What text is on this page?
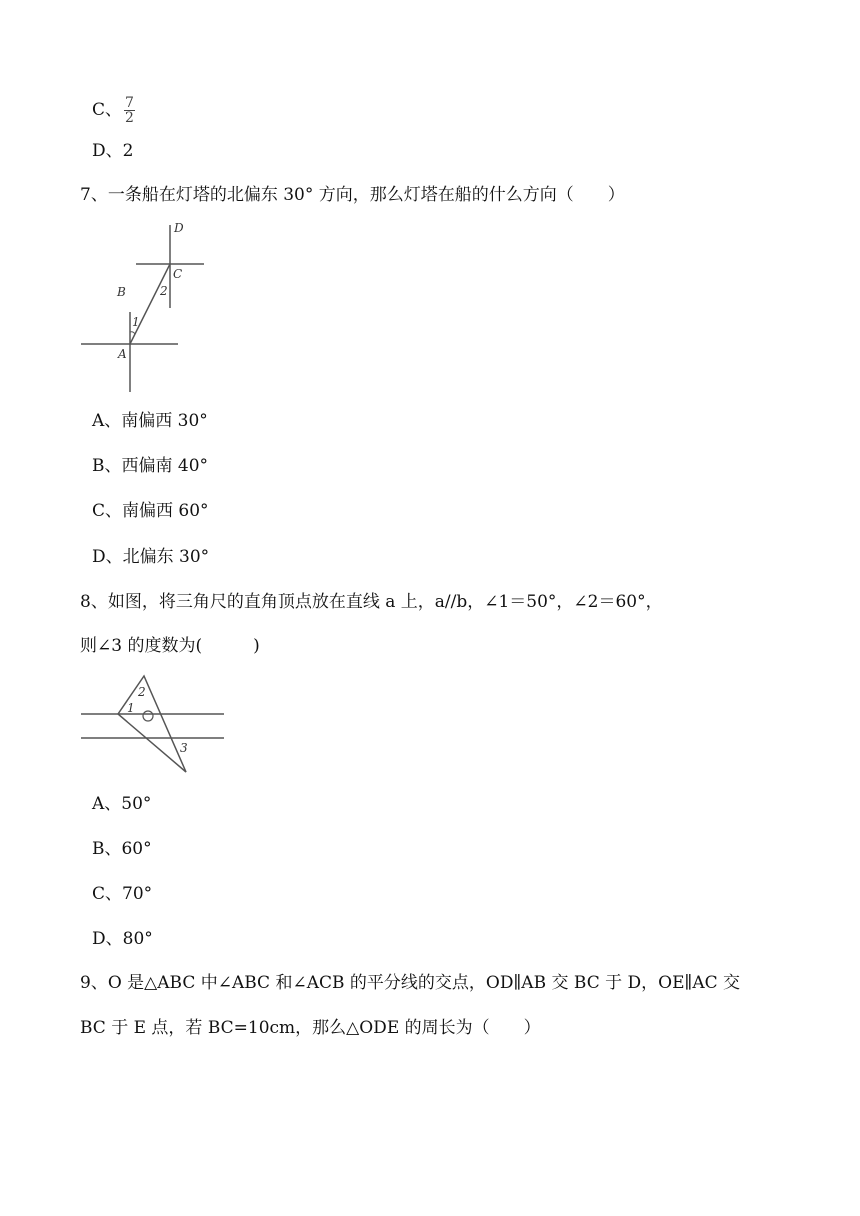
C、 $\frac{7}{2}$
D、2
7、一条船在灯塔的北偏东 30° 方向，那么灯塔在船的什么方向（　　）
D
C
B
A
1
2
A、南偏西 30°
B、西偏南 40°
C、南偏西 60°
D、北偏东 30°
8、如图，将三角尺的直角顶点放在直线 a 上，a//b，∠1＝50°，∠2＝60°，
则∠3 的度数为(　　　)
2
1
3
A、50°
B、60°
C、70°
D、80°
9、O 是△ABC 中∠ABC 和∠ACB 的平分线的交点，OD∥AB 交 BC 于 D，OE∥AC 交
BC 于 E 点，若 BC=10cm，那么△ODE 的周长为（　　）
